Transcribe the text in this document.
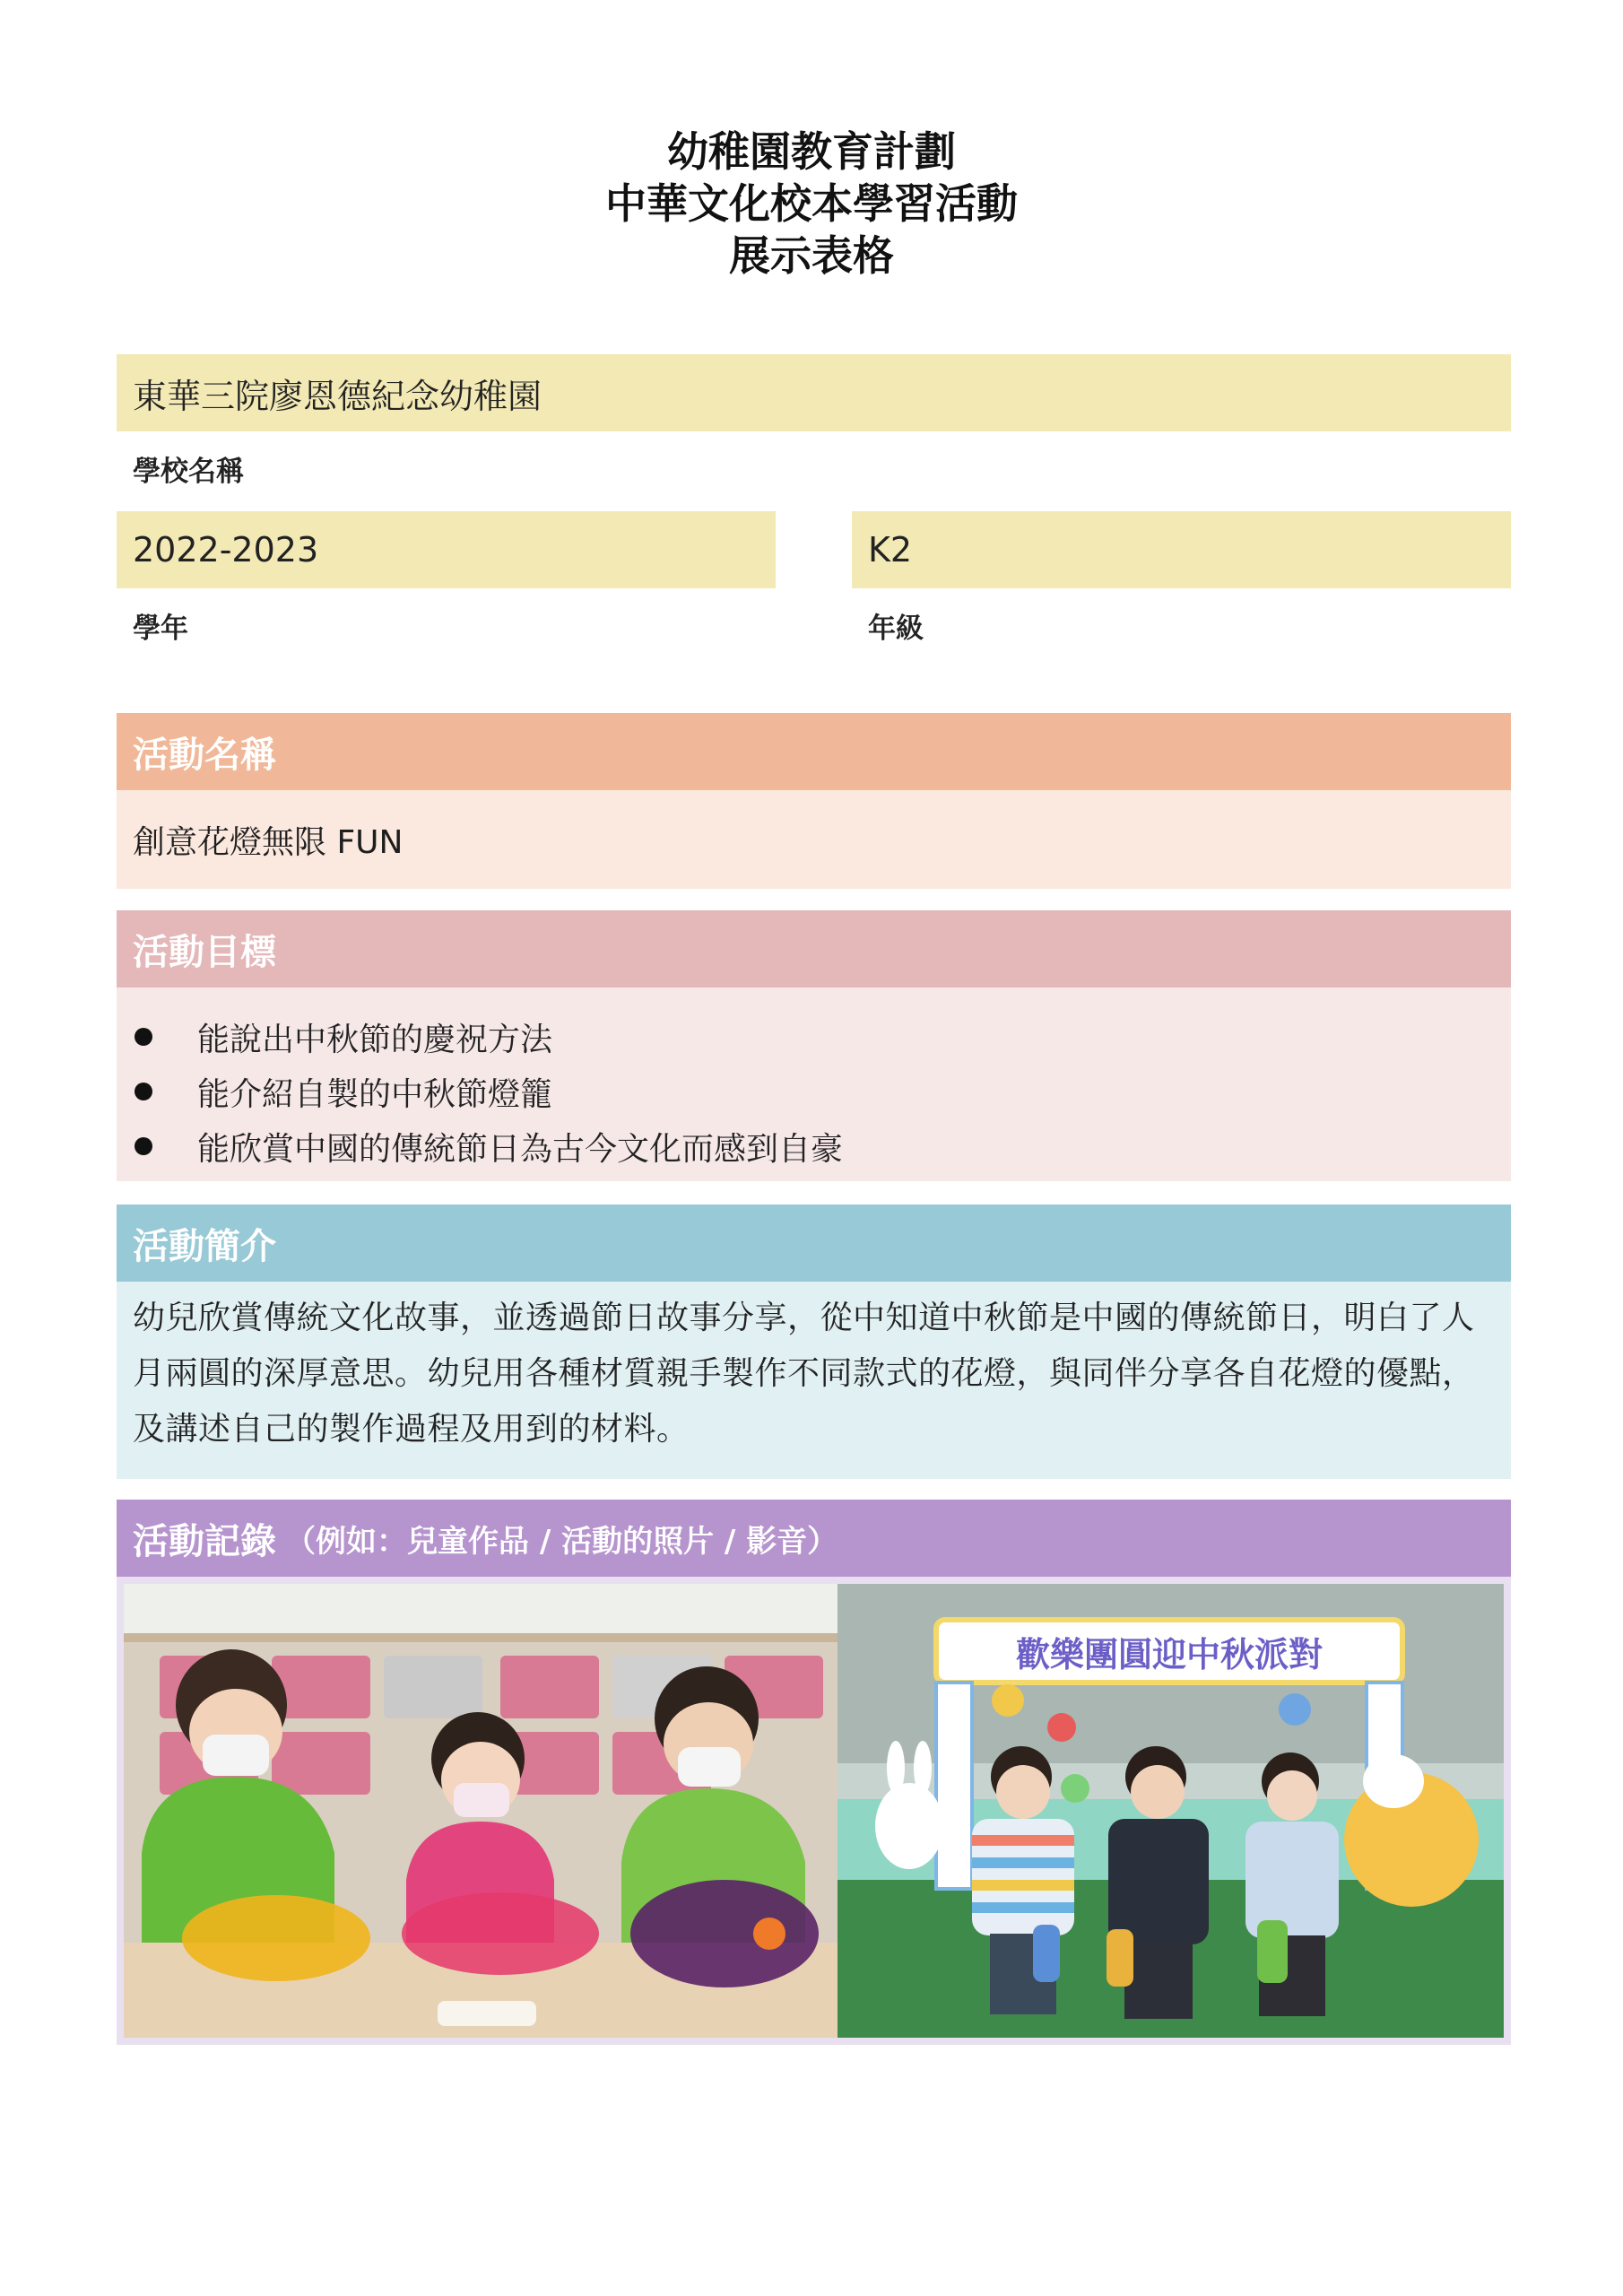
幼稚園教育計劃
中華文化校本學習活動
展示表格
東華三院廖恩德紀念幼稚園
學校名稱
2022-2023
學年
K2
年級
活動名稱
創意花燈無限 FUN
活動目標
能說出中秋節的慶祝方法
能介紹自製的中秋節燈籠
能欣賞中國的傳統節日為古今文化而感到自豪
活動簡介
幼兒欣賞傳統文化故事，並透過節日故事分享，從中知道中秋節是中國的傳統節日，明白了人
月兩圓的深厚意思。幼兒用各種材質親手製作不同款式的花燈，與同伴分享各自花燈的優點，
及講述自己的製作過程及用到的材料。
活動記錄 （例如：兒童作品 / 活動的照片 / 影音）
歡樂團圓迎中秋派對
